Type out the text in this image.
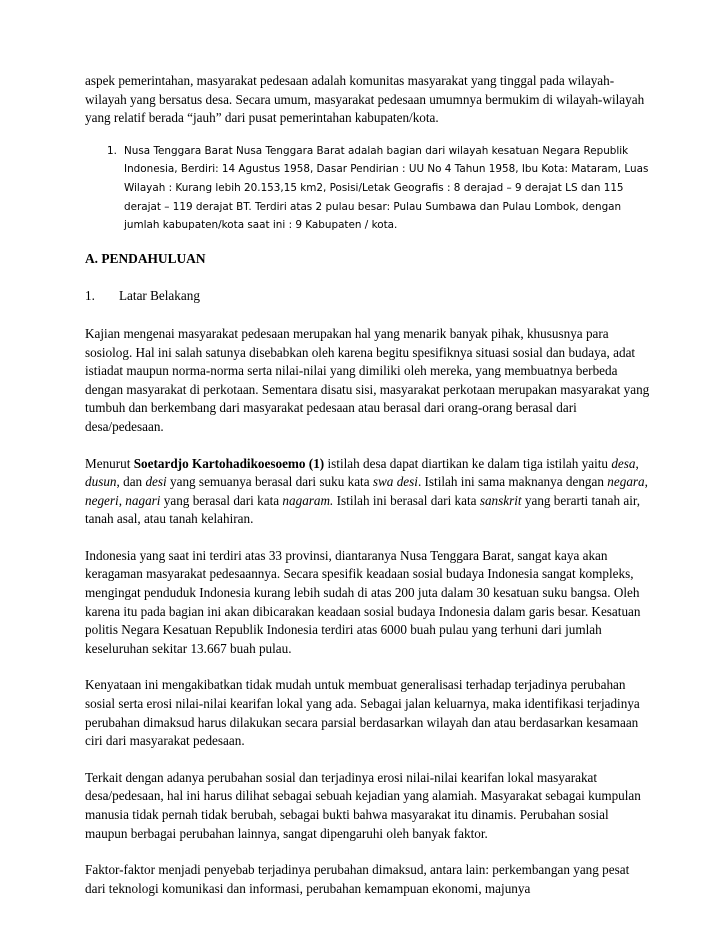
aspek pemerintahan, masyarakat pedesaan adalah komunitas masyarakat yang tinggal pada wilayah-wilayah yang bersatus desa. Secara umum, masyarakat pedesaan umumnya bermukim di wilayah-wilayah yang relatif berada “jauh” dari pusat pemerintahan kabupaten/kota.

1. Nusa Tenggara Barat Nusa Tenggara Barat adalah bagian dari wilayah kesatuan Negara Republik Indonesia, Berdiri: 14 Agustus 1958, Dasar Pendirian : UU No 4 Tahun 1958, Ibu Kota: Mataram, Luas Wilayah : Kurang lebih 20.153,15 km2, Posisi/Letak Geografis : 8 derajad – 9 derajat LS dan 115 derajat – 119 derajat BT. Terdiri atas 2 pulau besar: Pulau Sumbawa dan Pulau Lombok, dengan jumlah kabupaten/kota saat ini : 9 Kabupaten / kota.
A. PENDAHULUAN
1. Latar Belakang

Kajian mengenai masyarakat pedesaan merupakan hal yang menarik banyak pihak, khususnya para sosiolog. Hal ini salah satunya disebabkan oleh karena begitu spesifiknya situasi sosial dan budaya, adat istiadat maupun norma-norma serta nilai-nilai yang dimiliki oleh mereka, yang membuatnya berbeda dengan masyarakat di perkotaan. Sementara disatu sisi, masyarakat perkotaan merupakan masyarakat yang tumbuh dan berkembang dari masyarakat pedesaan atau berasal dari orang-orang berasal dari desa/pedesaan.

Menurut Soetardjo Kartohadikoesoemo (1) istilah desa dapat diartikan ke dalam tiga istilah yaitu desa, dusun, dan desi yang semuanya berasal dari suku kata swa desi. Istilah ini sama maknanya dengan negara, negeri, nagari yang berasal dari kata nagaram. Istilah ini berasal dari kata sanskrit yang berarti tanah air, tanah asal, atau tanah kelahiran.

Indonesia yang saat ini terdiri atas 33 provinsi, diantaranya Nusa Tenggara Barat, sangat kaya akan keragaman masyarakat pedesaannya. Secara spesifik keadaan sosial budaya Indonesia sangat kompleks, mengingat penduduk Indonesia kurang lebih sudah di atas 200 juta dalam 30 kesatuan suku bangsa. Oleh karena itu pada bagian ini akan dibicarakan keadaan sosial budaya Indonesia dalam garis besar. Kesatuan politis Negara Kesatuan Republik Indonesia terdiri atas 6000 buah pulau yang terhuni dari jumlah keseluruhan sekitar 13.667 buah pulau.

Kenyataan ini mengakibatkan tidak mudah untuk membuat generalisasi terhadap terjadinya perubahan sosial serta erosi nilai-nilai kearifan lokal yang ada. Sebagai jalan keluarnya, maka identifikasi terjadinya perubahan dimaksud harus dilakukan secara parsial berdasarkan wilayah dan atau berdasarkan kesamaan ciri dari masyarakat pedesaan.

Terkait dengan adanya perubahan sosial dan terjadinya erosi nilai-nilai kearifan lokal masyarakat desa/pedesaan, hal ini harus dilihat sebagai sebuah kejadian yang alamiah. Masyarakat sebagai kumpulan manusia tidak pernah tidak berubah, sebagai bukti bahwa masyarakat itu dinamis. Perubahan sosial maupun berbagai perubahan lainnya, sangat dipengaruhi oleh banyak faktor.

Faktor-faktor menjadi penyebab terjadinya perubahan dimaksud, antara lain: perkembangan yang pesat dari teknologi komunikasi dan informasi, perubahan kemampuan ekonomi, majunya
